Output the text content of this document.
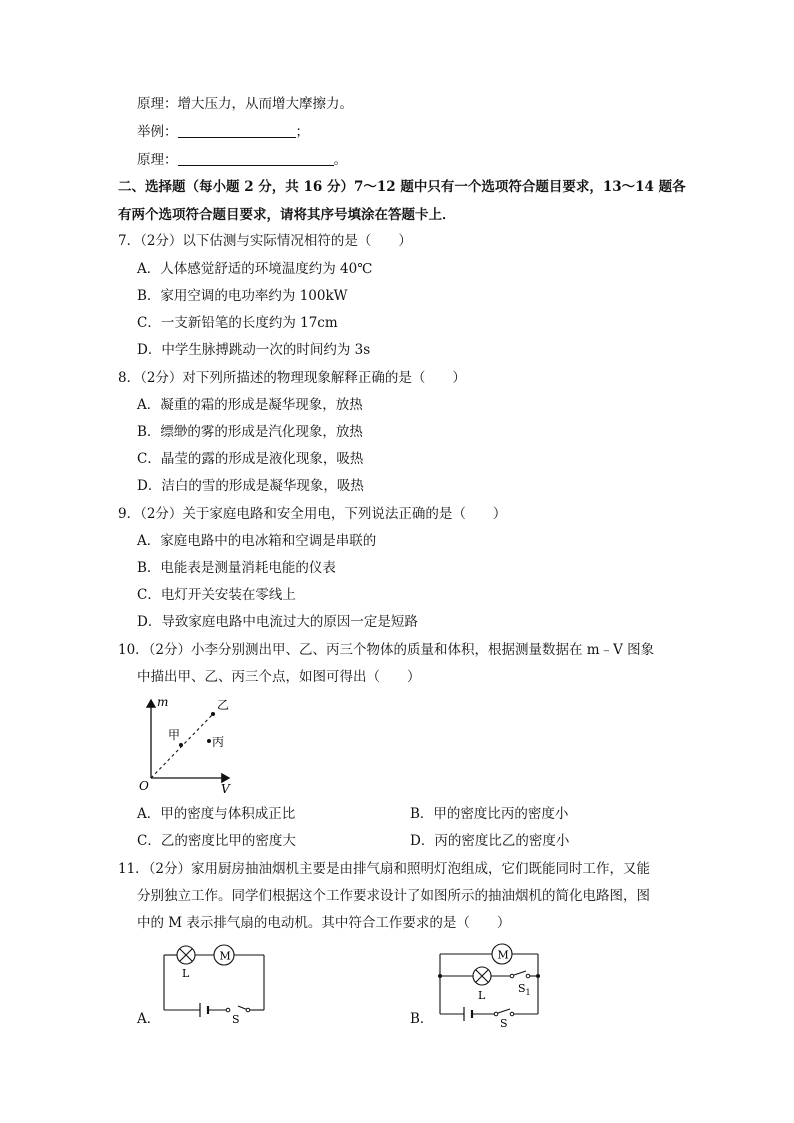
原理：增大压力，从而增大摩擦力。
举例：	；
原理：	。
二、选择题（每小题 2 分，共 16 分）7～12 题中只有一个选项符合题目要求，13～14 题各
有两个选项符合题目要求，请将其序号填涂在答题卡上．
7．（2分）以下估测与实际情况相符的是（　　）
A．人体感觉舒适的环境温度约为 40℃
B．家用空调的电功率约为 100kW
C．一支新铅笔的长度约为 17cm
D．中学生脉搏跳动一次的时间约为 3s
8．（2分）对下列所描述的物理现象解释正确的是（　　）
A．凝重的霜的形成是凝华现象，放热
B．缥缈的雾的形成是汽化现象，放热
C．晶莹的露的形成是液化现象，吸热
D．洁白的雪的形成是凝华现象，吸热
9．（2分）关于家庭电路和安全用电，下列说法正确的是（　　）
A．家庭电路中的电冰箱和空调是串联的
B．电能表是测量消耗电能的仪表
C．电灯开关安装在零线上
D．导致家庭电路中电流过大的原因一定是短路
10．（2分）小李分别测出甲、乙、丙三个物体的质量和体积，根据测量数据在 m﹣V 图象
中描出甲、乙、丙三个点，如图可得出（　　）
m
V
O
甲
乙
丙
A．甲的密度与体积成正比	B．甲的密度比丙的密度小
C．乙的密度比甲的密度大	D．丙的密度比乙的密度小
11．（2分）家用厨房抽油烟机主要是由排气扇和照明灯泡组成，它们既能同时工作，又能
分别独立工作。同学们根据这个工作要求设计了如图所示的抽油烟机的简化电路图，图
中的 M 表示排气扇的电动机。其中符合工作要求的是（　　）
A．
M
L
S	B．
M
L
$S_1$
S
